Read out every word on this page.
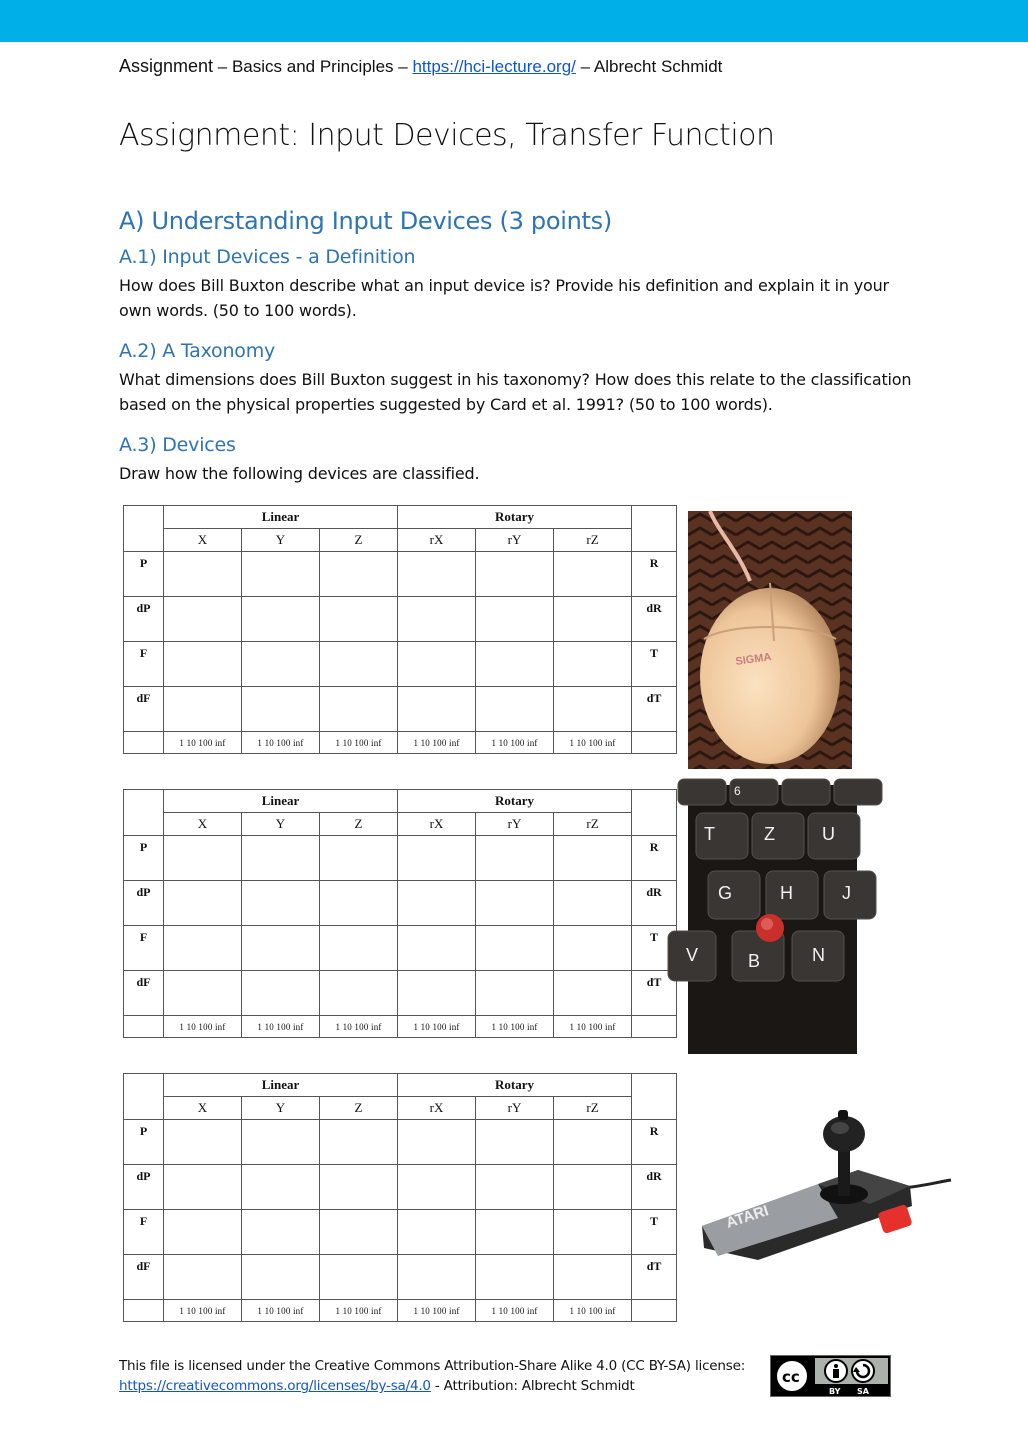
Assignment – Basics and Principles – https://hci-lecture.org/ – Albrecht Schmidt
Assignment: Input Devices, Transfer Function
A) Understanding Input Devices (3 points)
A.1) Input Devices - a Definition
How does Bill Buxton describe what an input device is? Provide his definition and explain it in your own words. (50 to 100 words).
A.2) A Taxonomy
What dimensions does Bill Buxton suggest in his taxonomy? How does this relate to the classification based on the physical properties suggested by Card et al. 1991? (50 to 100 words).
A.3) Devices
Draw how the following devices are classified.
	Linear			Rotary			
	X	Y	Z	rX	rY	rZ	
P							R
dP							dR
F							T
dF							dT
	1 10 100 inf	1 10 100 inf	1 10 100 inf	1 10 100 inf	1 10 100 inf	1 10 100 inf	
	Linear			Rotary			
	X	Y	Z	rX	rY	rZ	
P							R
dP							dR
F							T
dF							dT
	1 10 100 inf	1 10 100 inf	1 10 100 inf	1 10 100 inf	1 10 100 inf	1 10 100 inf	
	Linear			Rotary			
	X	Y	Z	rX	rY	rZ	
P							R
dP							dR
F							T
dF							dT
	1 10 100 inf	1 10 100 inf	1 10 100 inf	1 10 100 inf	1 10 100 inf	1 10 100 inf	
SIGMA
6
T	Z	U
G	H	J
V	B	N
ATARI
This file is licensed under the Creative Commons Attribution-Share Alike 4.0 (CC BY-SA) license:
https://creativecommons.org/licenses/by-sa/4.0 - Attribution: Albrecht Schmidt	cc
BY SA
